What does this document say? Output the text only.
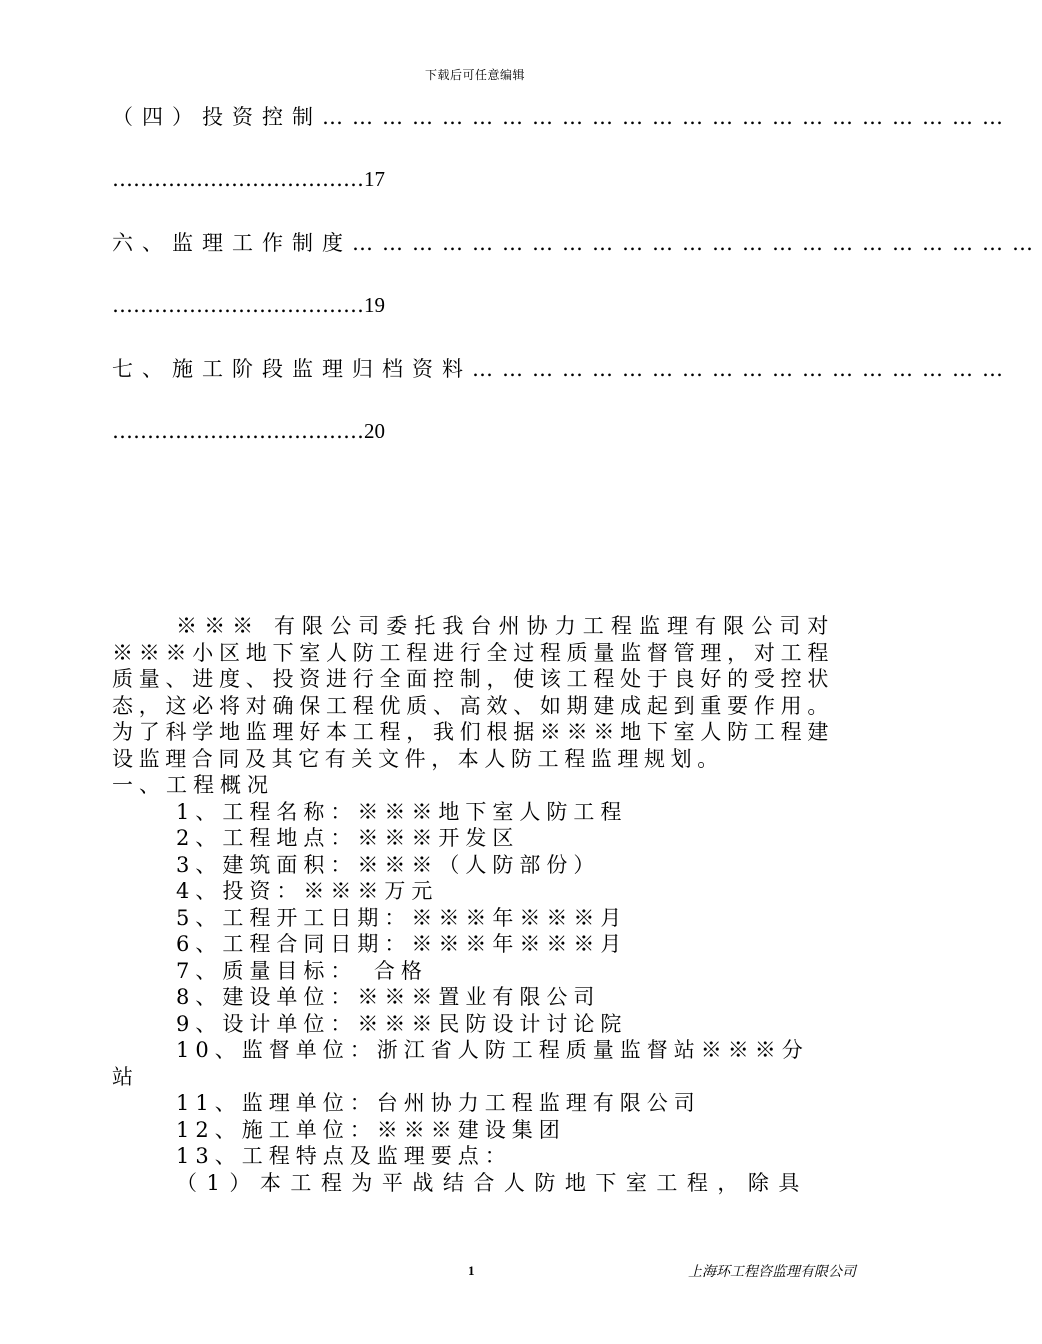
下载后可任意编辑
（四）投资控制……………………………………………………………
………………………………17
六、监理工作制度……………………………………………………………
………………………………19
七、施工阶段监理归档资料………………………………………………
………………………………20

※※※ 有限公司委托我台州协力工程监理有限公司对※※※小区地下室人防工程进行全过程质量监督管理，对工程质量、进度、投资进行全面控制，使该工程处于良好的受控状态，这必将对确保工程优质、高效、如期建成起到重要作用。为了科学地监理好本工程，我们根据※※※地下室人防工程建设监理合同及其它有关文件，本人防工程监理规划。

一、工程概况

1、工程名称：※※※地下室人防工程

2、工程地点：※※※开发区

3、建筑面积：※※※（人防部份）

4、投资：※※※万元

5、工程开工日期：※※※年※※※月

6、工程合同日期：※※※年※※※月

7、质量目标：　合格

8、建设单位：※※※置业有限公司

9、设计单位：※※※民防设计讨论院

10、监督单位：浙江省人防工程质量监督站※※※分站

11、监理单位：台州协力工程监理有限公司

12、施工单位：※※※建设集团

13、工程特点及监理要点：

（1）本工程为平战结合人防地下室工程，除具

1	上海环工程咨监理有限公司
